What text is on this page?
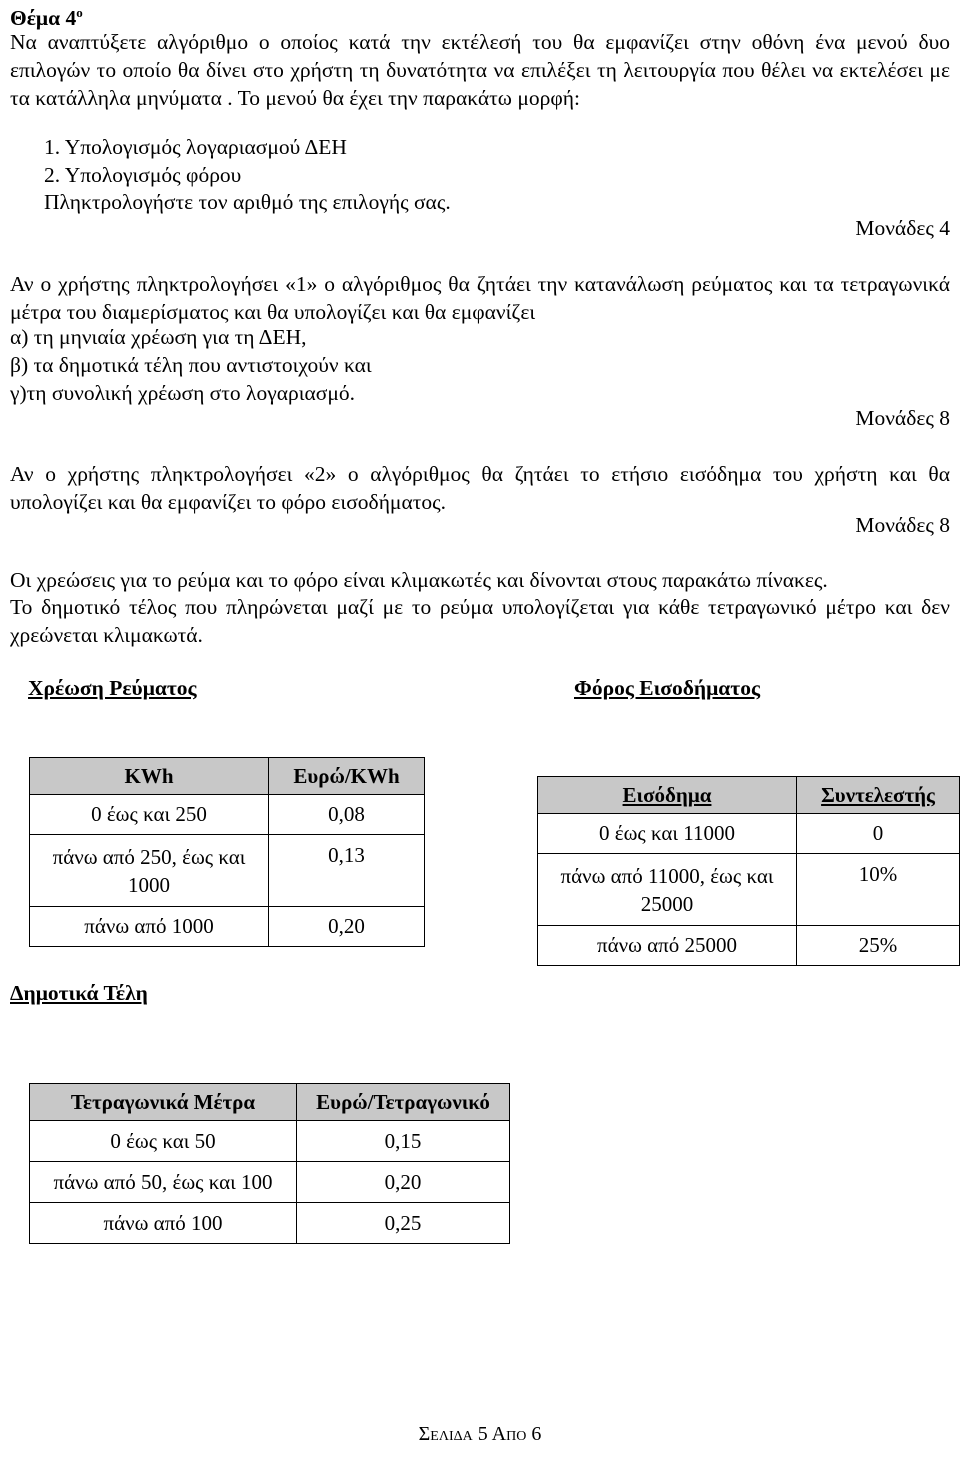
Θέμα $4^o$
Να αναπτύξετε αλγόριθμο ο οποίος κατά την εκτέλεσή του θα εμφανίζει στην οθόνη ένα μενού δυο επιλογών το οποίο θα δίνει στο χρήστη τη δυνατότητα να επιλέξει τη λειτουργία που θέλει να εκτελέσει με τα κατάλληλα μηνύματα . Το μενού θα έχει την παρακάτω μορφή:
1. Υπολογισμός λογαριασμού ΔΕΗ
2. Υπολογισμός φόρου
Πληκτρολογήστε τον αριθμό της επιλογής σας.
Μονάδες 4
Αν ο χρήστης πληκτρολογήσει «1» ο αλγόριθμος θα ζητάει την κατανάλωση ρεύματος και τα τετραγωνικά μέτρα του διαμερίσματος και θα υπολογίζει και θα εμφανίζει
α) τη μηνιαία χρέωση για τη ΔΕΗ,
β) τα δημοτικά τέλη που αντιστοιχούν και
γ)τη συνολική χρέωση στο λογαριασμό.
Μονάδες 8
Αν ο χρήστης πληκτρολογήσει «2» ο αλγόριθμος θα ζητάει το ετήσιο εισόδημα του χρήστη και θα υπολογίζει και θα εμφανίζει το φόρο εισοδήματος.
Μονάδες 8
Οι χρεώσεις για το ρεύμα και το φόρο είναι κλιμακωτές και δίνονται στους παρακάτω πίνακες.
Το δημοτικό τέλος που πληρώνεται μαζί με το ρεύμα υπολογίζεται για κάθε τετραγωνικό μέτρο και δεν χρεώνεται κλιμακωτά.
Χρέωση Ρεύματος	Φόρος Εισοδήματος
KWh	Ευρώ/KWh
0 έως και 250	0,08
πάνω από 250, έως και 1000	0,13
πάνω από 1000	0,20
Εισόδημα	Συντελεστής
0 έως και 11000	0
πάνω από 11000, έως και 25000	10%
πάνω από 25000	25%
Δημοτικά Τέλη
Τετραγωνικά Μέτρα	Ευρώ/Τετραγωνικό
0 έως και 50	0,15
πάνω από 50, έως και 100	0,20
πάνω από 100	0,25
Σελιδα 5 Απο 6
